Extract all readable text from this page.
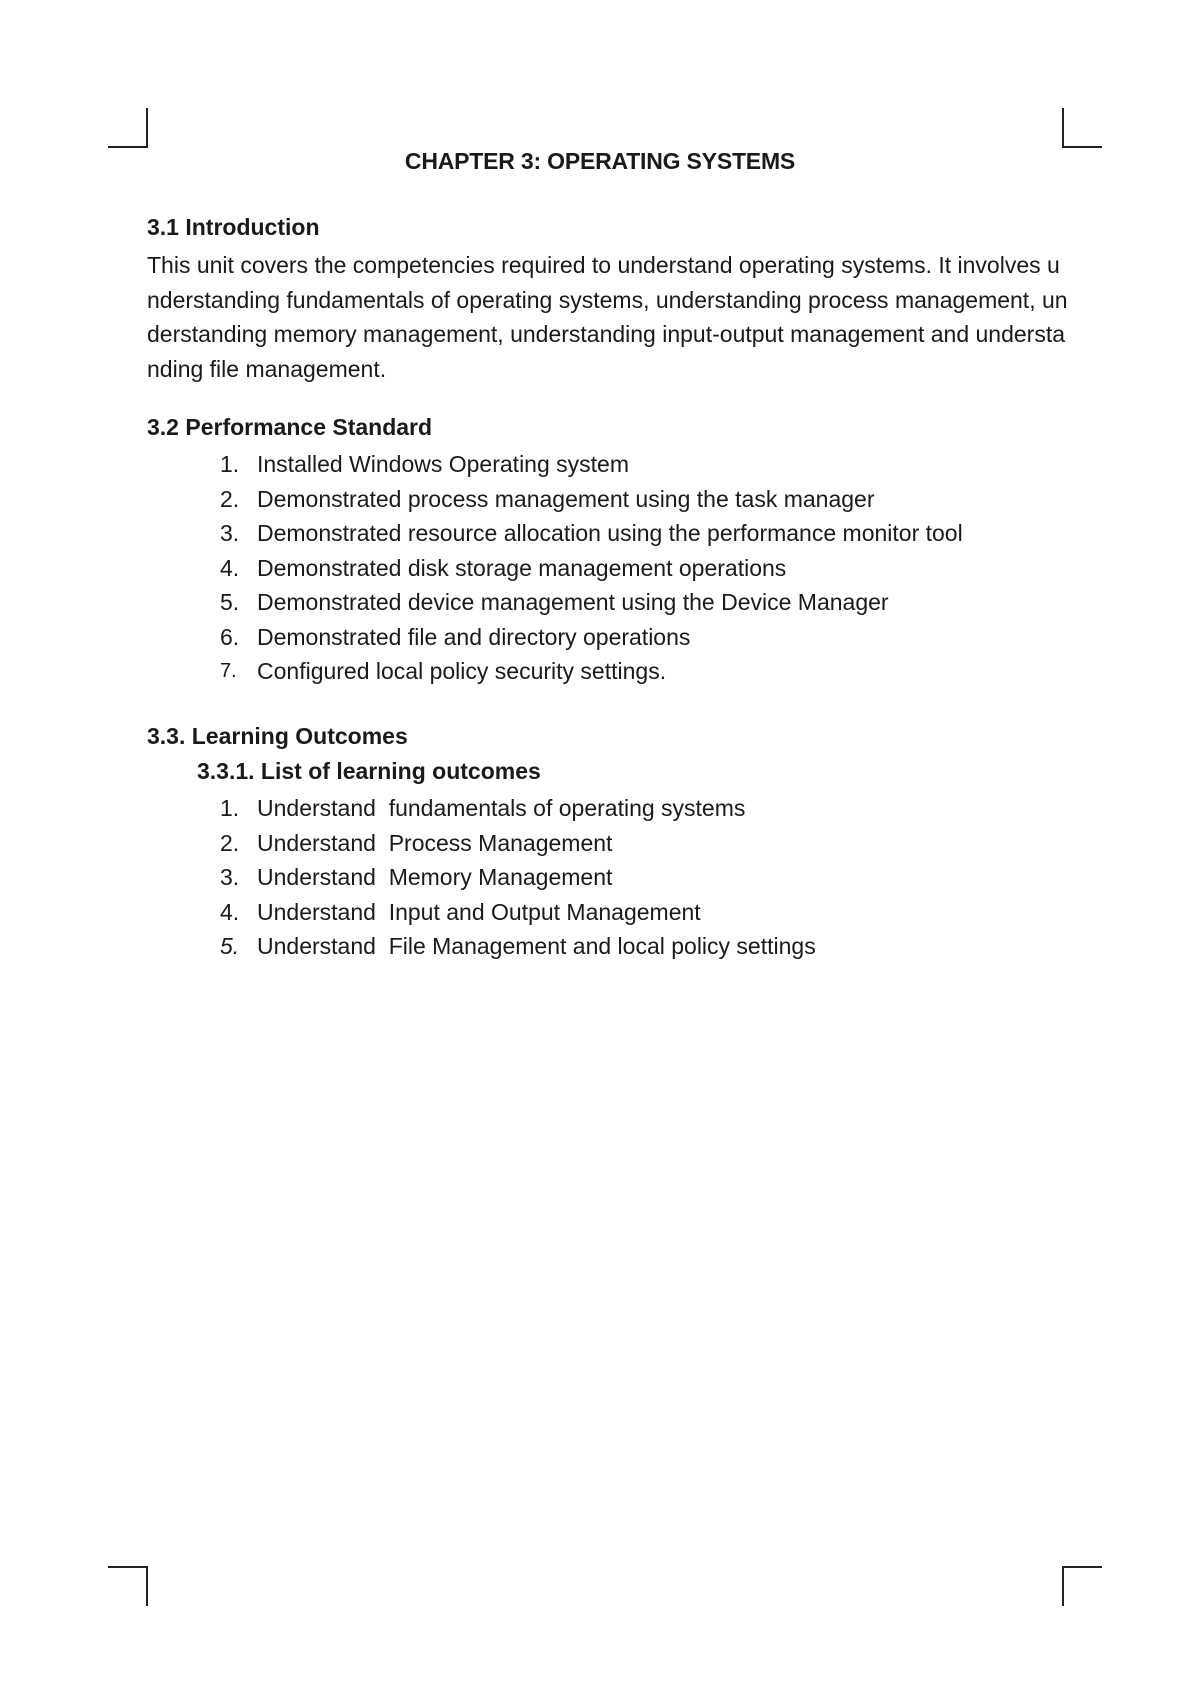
CHAPTER 3: OPERATING SYSTEMS
3.1 Introduction

This unit covers the competencies required to understand operating systems. It involves understanding fundamentals of operating systems, understanding process management, understanding memory management, understanding input-output management and understanding file management.

3.2 Performance Standard
1. Installed Windows Operating system
2. Demonstrated process management using the task manager
3. Demonstrated resource allocation using the performance monitor tool
4. Demonstrated disk storage management operations
5. Demonstrated device management using the Device Manager
6. Demonstrated file and directory operations
7. Configured local policy security settings.
3.3. Learning Outcomes
3.3.1. List of learning outcomes
1. Understand  fundamentals of operating systems
2. Understand  Process Management
3. Understand  Memory Management
4. Understand  Input and Output Management
5. Understand  File Management and local policy settings
